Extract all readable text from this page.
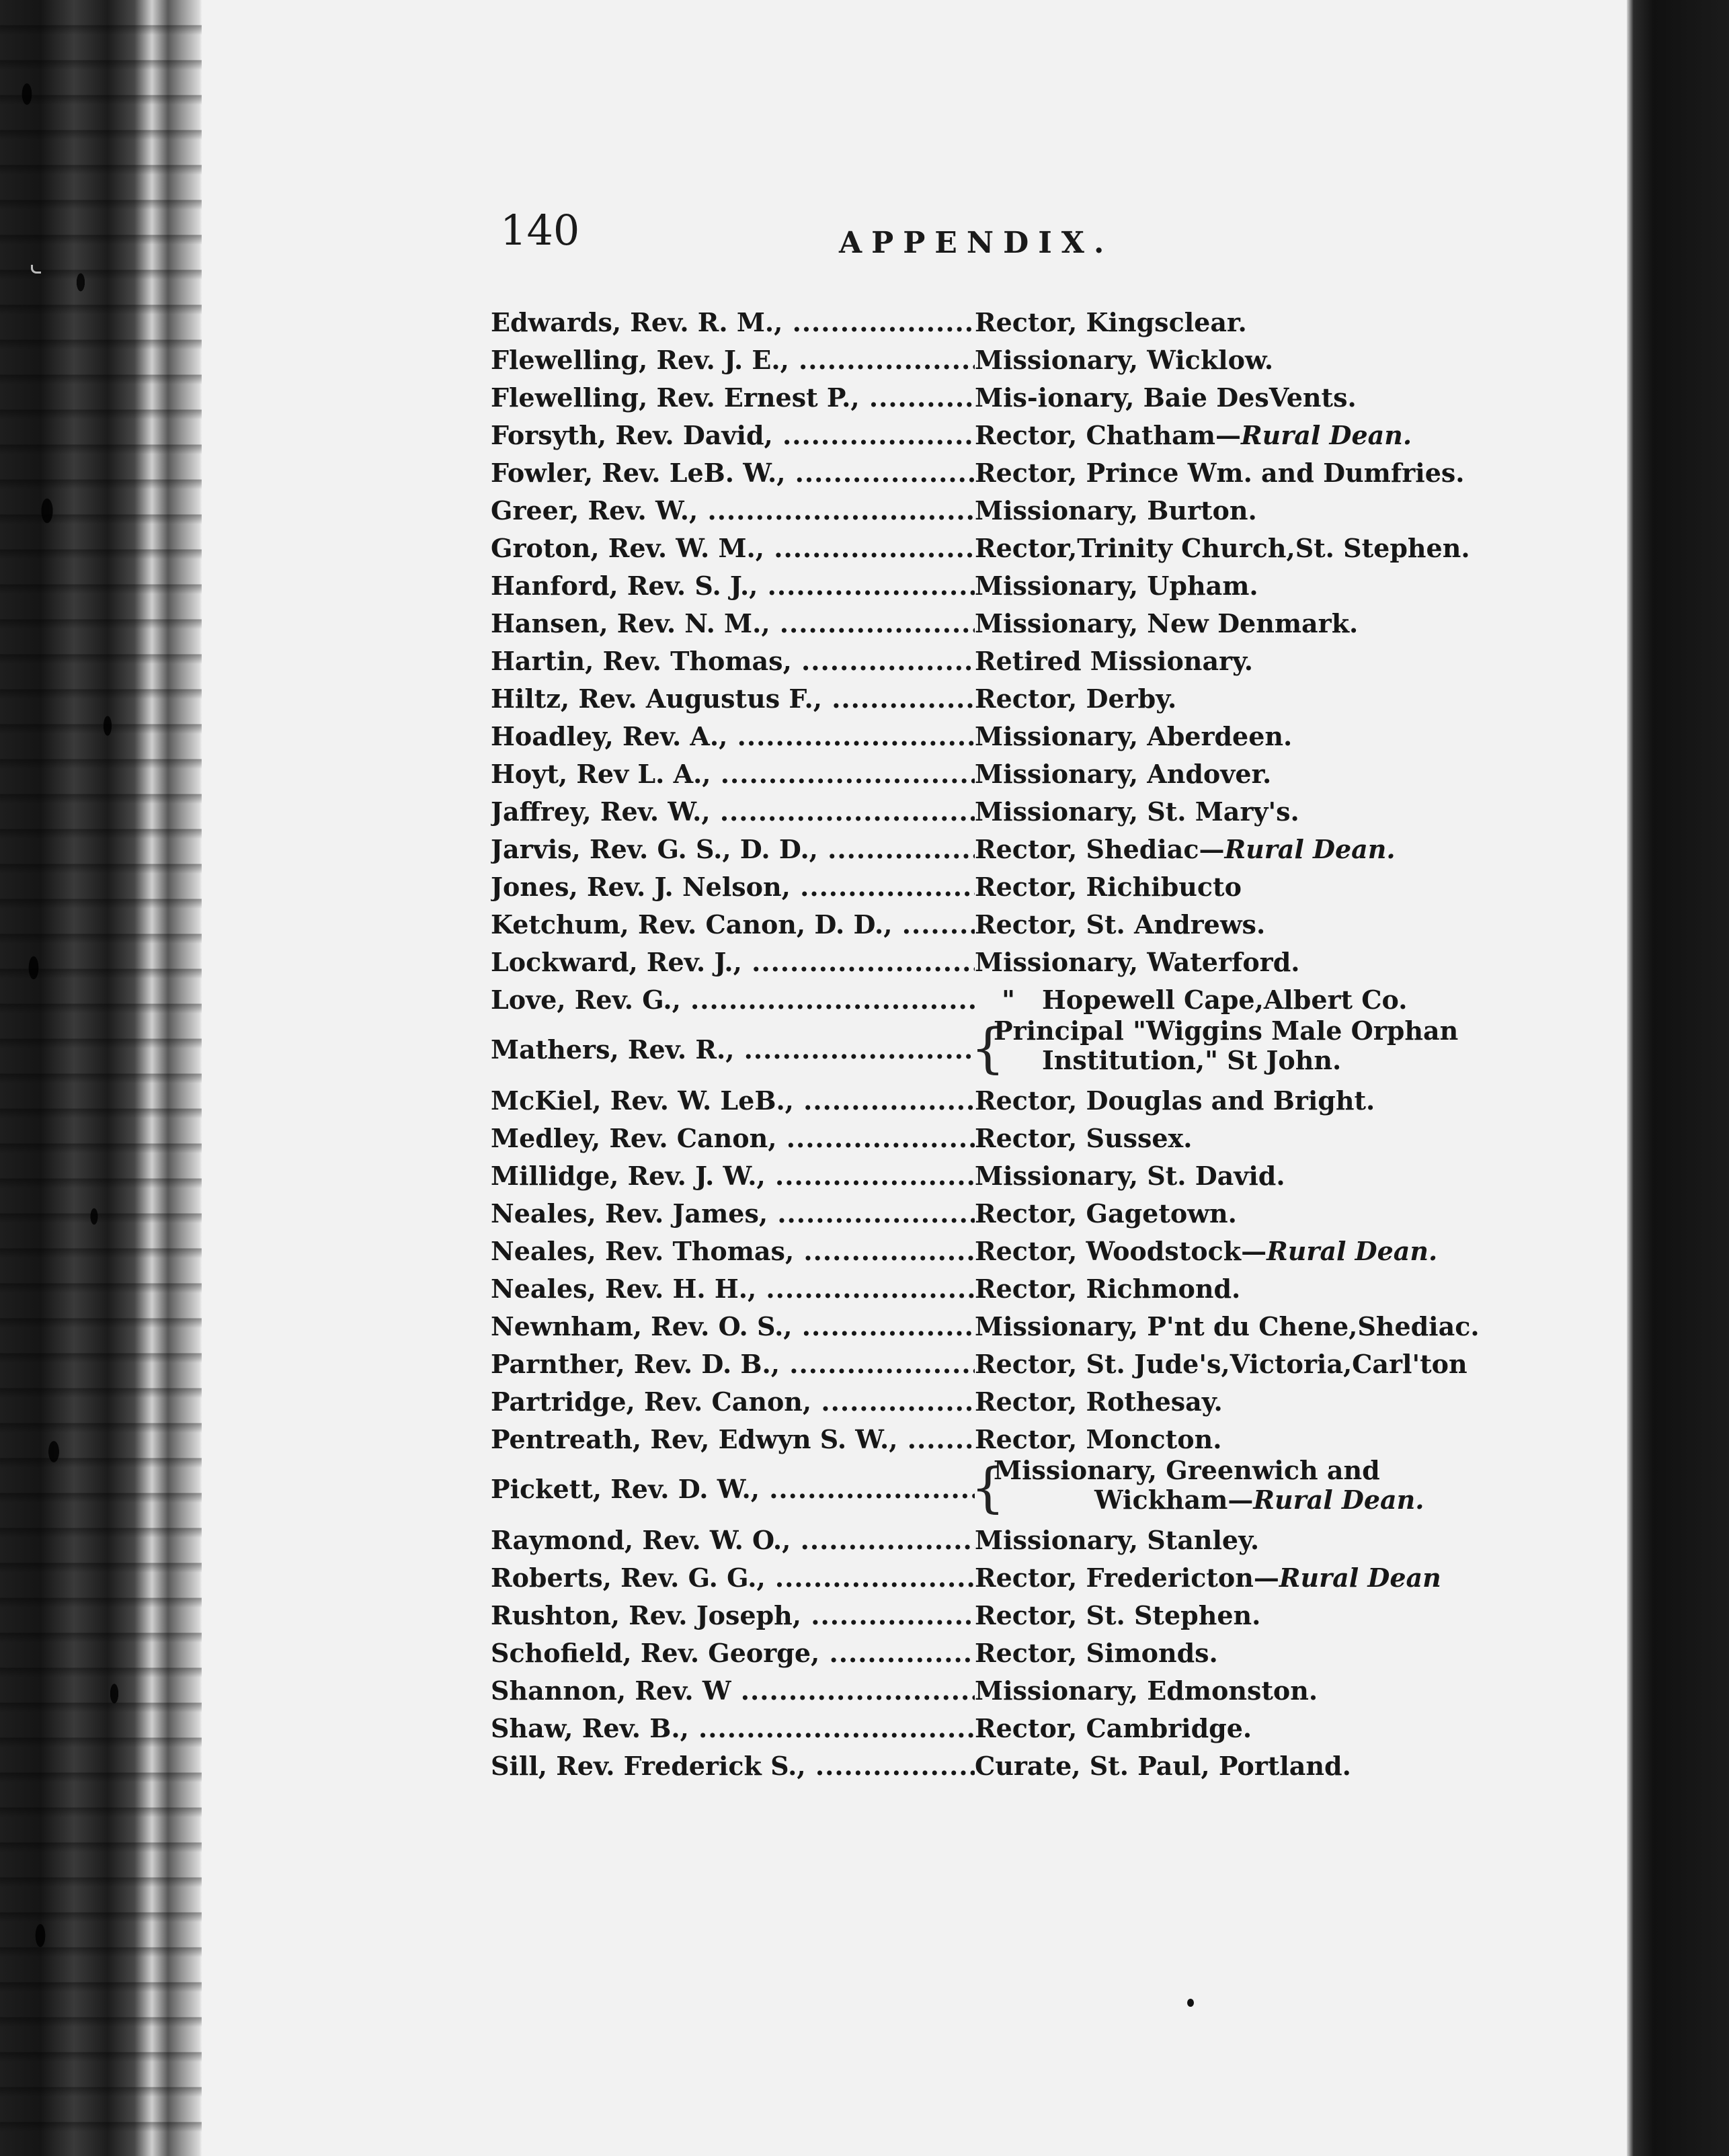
140	APPENDIX.
Edwards, Rev. R. M., .....	Rector, Kingsclear.
Flewelling, Rev. J. E., .....	Missionary, Wicklow.
Flewelling, Rev. Ernest P., .....	Mis-ionary, Baie DesVents.
Forsyth, Rev. David, .....	Rector, Chatham—Rural Dean.
Fowler, Rev. LeB. W., .....	Rector, Prince Wm. and Dumfries.
Greer, Rev. W., .....	Missionary, Burton.
Groton, Rev. W. M., .....	Rector,Trinity Church,St. Stephen.
Hanford, Rev. S. J., .....	Missionary, Upham.
Hansen, Rev. N. M., .....	Missionary, New Denmark.
Hartin, Rev. Thomas, .....	Retired Missionary.
Hiltz, Rev. Augustus F., .....	Rector, Derby.
Hoadley, Rev. A., .....	Missionary, Aberdeen.
Hoyt, Rev L. A., .....	Missionary, Andover.
Jaffrey, Rev. W., .....	Missionary, St. Mary's.
Jarvis, Rev. G. S., D. D., .....	Rector, Shediac—Rural Dean.
Jones, Rev. J. Nelson, .....	Rector, Richibucto
Ketchum, Rev. Canon, D. D., .....	Rector, St. Andrews.
Lockward, Rev. J., .....	Missionary, Waterford.
Love, Rev. G., .....	" Hopewell Cape,Albert Co.
Mathers, Rev. R., .....	{
Principal "Wiggins Male Orphan
Institution," St John.
McKiel, Rev. W. LeB., .....	Rector, Douglas and Bright.
Medley, Rev. Canon, .....	Rector, Sussex.
Millidge, Rev. J. W., .....	Missionary, St. David.
Neales, Rev. James, .....	Rector, Gagetown.
Neales, Rev. Thomas, .....	Rector, Woodstock—Rural Dean.
Neales, Rev. H. H., .....	Rector, Richmond.
Newnham, Rev. O. S., .....	Missionary, P'nt du Chene,Shediac.
Parnther, Rev. D. B., .....	Rector, St. Jude's,Victoria,Carl'ton
Partridge, Rev. Canon, .....	Rector, Rothesay.
Pentreath, Rev, Edwyn S. W., .....	Rector, Moncton.
Pickett, Rev. D. W., .....	{
Missionary, Greenwich and
Wickham—Rural Dean.
Raymond, Rev. W. O., .....	Missionary, Stanley.
Roberts, Rev. G. G., .....	Rector, Fredericton—Rural Dean
Rushton, Rev. Joseph, .....	Rector, St. Stephen.
Schofield, Rev. George, .....	Rector, Simonds.
Shannon, Rev. W .....	Missionary, Edmonston.
Shaw, Rev. B., .....	Rector, Cambridge.
Sill, Rev. Frederick S., .....	Curate, St. Paul, Portland.
